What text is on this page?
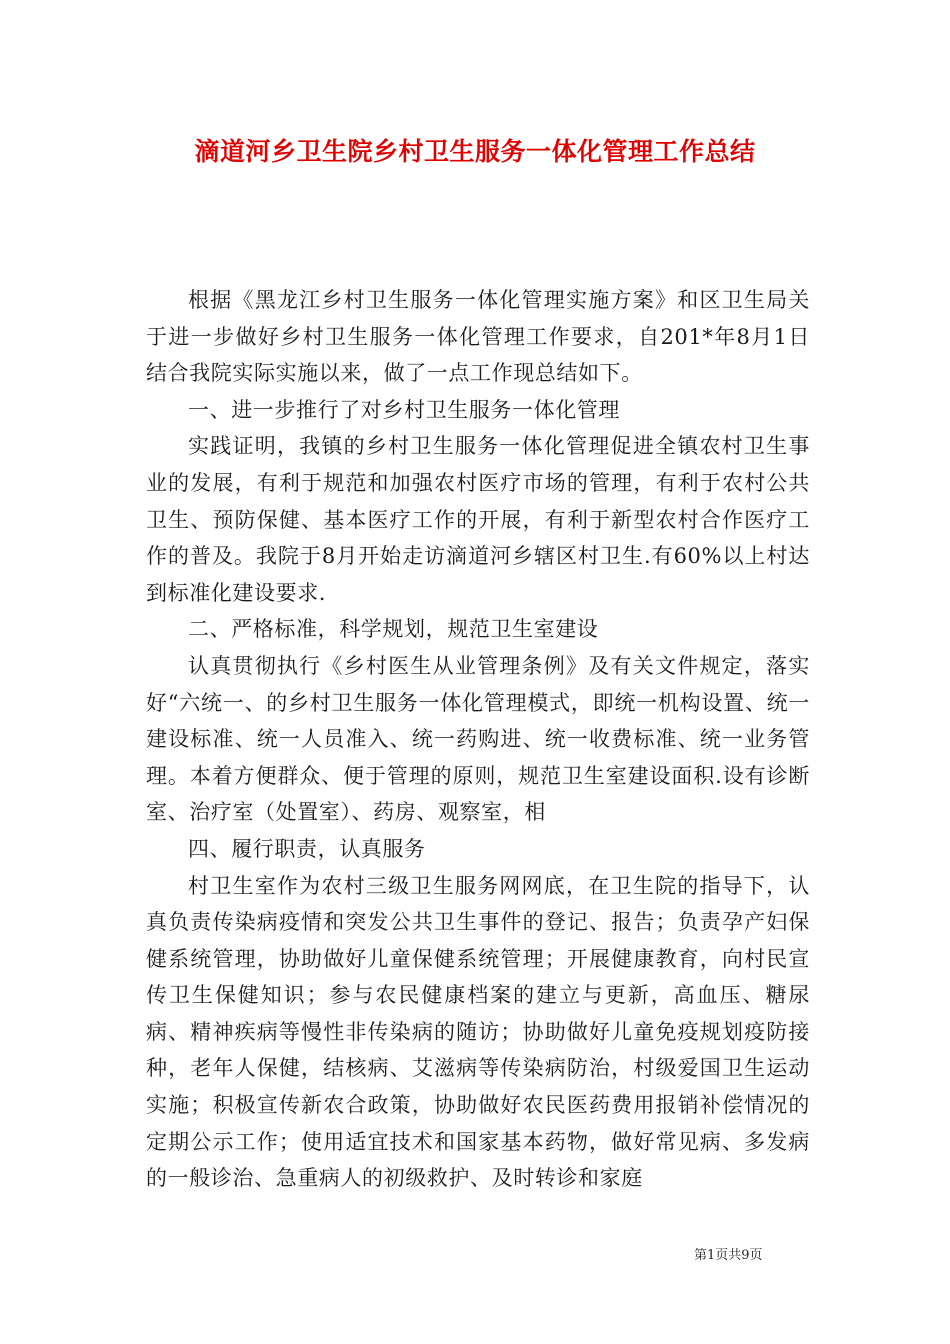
滴道河乡卫生院乡村卫生服务一体化管理工作总结

根据《黑龙江乡村卫生服务一体化管理实施方案》和区卫生局关于进一步做好乡村卫生服务一体化管理工作要求，自201*年8月1日结合我院实际实施以来，做了一点工作现总结如下。

一、进一步推行了对乡村卫生服务一体化管理

实践证明，我镇的乡村卫生服务一体化管理促进全镇农村卫生事业的发展，有利于规范和加强农村医疗市场的管理，有利于农村公共卫生、预防保健、基本医疗工作的开展，有利于新型农村合作医疗工作的普及。我院于8月开始走访滴道河乡辖区村卫生.有60%以上村达到标准化建设要求.

二、严格标准，科学规划，规范卫生室建设

认真贯彻执行《乡村医生从业管理条例》及有关文件规定，落实好“六统一、的乡村卫生服务一体化管理模式，即统一机构设置、统一建设标准、统一人员准入、统一药购进、统一收费标准、统一业务管理。本着方便群众、便于管理的原则，规范卫生室建设面积.设有诊断室、治疗室（处置室）、药房、观察室，相

四、履行职责，认真服务

村卫生室作为农村三级卫生服务网网底，在卫生院的指导下，认真负责传染病疫情和突发公共卫生事件的登记、报告；负责孕产妇保健系统管理，协助做好儿童保健系统管理；开展健康教育，向村民宣传卫生保健知识；参与农民健康档案的建立与更新，高血压、糖尿病、精神疾病等慢性非传染病的随访；协助做好儿童免疫规划疫防接种，老年人保健，结核病、艾滋病等传染病防治，村级爱国卫生运动实施；积极宣传新农合政策，协助做好农民医药费用报销补偿情况的定期公示工作；使用适宜技术和国家基本药物，做好常见病、多发病的一般诊治、急重病人的初级救护、及时转诊和家庭

第1页共9页
